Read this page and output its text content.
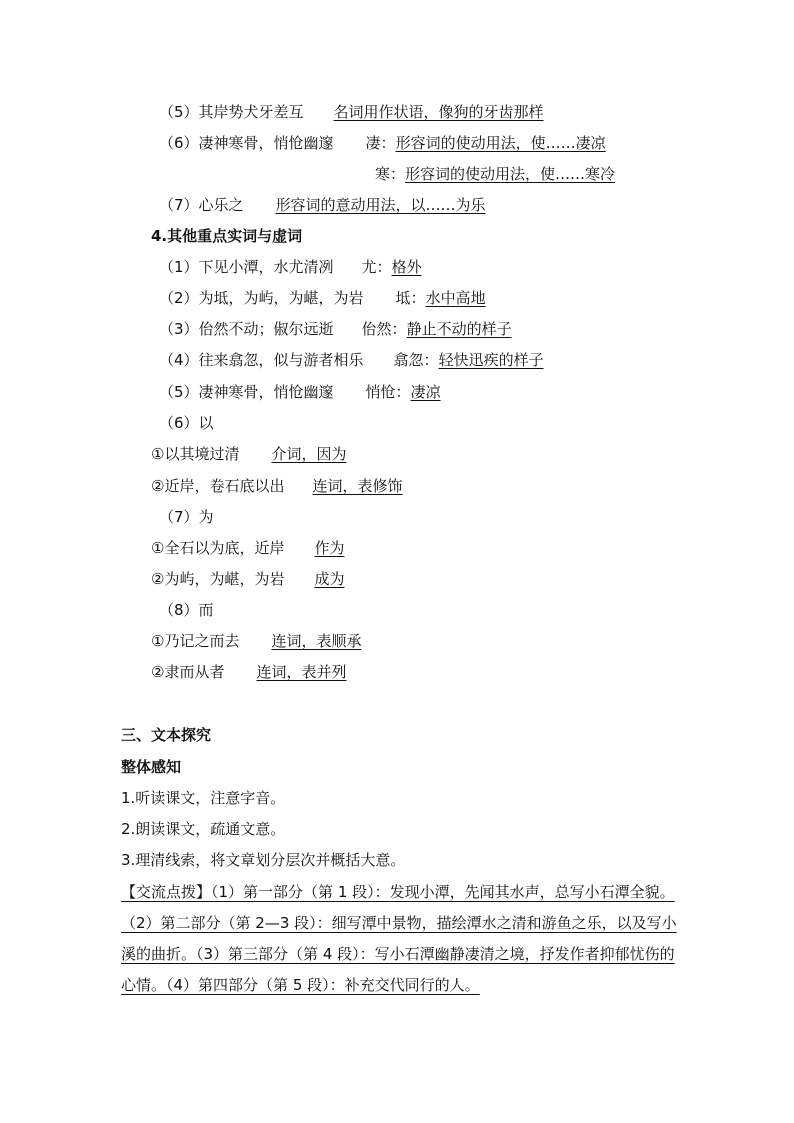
（5）其岸势犬牙差互 名词用作状语，像狗的牙齿那样
（6）凄神寒骨，悄怆幽邃 凄：形容词的使动用法，使……凄凉
寒：形容词的使动用法，使……寒冷
（7）心乐之 形容词的意动用法，以……为乐
4.其他重点实词与虚词
（1）下见小潭，水尤清冽 尤：格外
（2）为坻，为屿，为嵁，为岩 坻：水中高地
（3）佁然不动；俶尔远逝 佁然：静止不动的样子
（4）往来翕忽，似与游者相乐 翕忽：轻快迅疾的样子
（5）凄神寒骨，悄怆幽邃 悄怆：凄凉
（6）以
①以其境过清 介词，因为
②近岸，卷石底以出 连词，表修饰
（7）为
①全石以为底，近岸 作为
②为屿，为嵁，为岩 成为
（8）而
①乃记之而去 连词，表顺承
②隶而从者 连词，表并列
三、文本探究
整体感知
1.听读课文，注意字音。
2.朗读课文，疏通文意。
3.理清线索，将文章划分层次并概括大意。
【交流点拨】（1）第一部分（第 1 段）：发现小潭，先闻其水声，总写小石潭全貌。（2）第二部分（第 2—3 段）：细写潭中景物，描绘潭水之清和游鱼之乐，以及写小溪的曲折。（3）第三部分（第 4 段）：写小石潭幽静凄清之境，抒发作者抑郁忧伤的心情。（4）第四部分（第 5 段）：补充交代同行的人。
